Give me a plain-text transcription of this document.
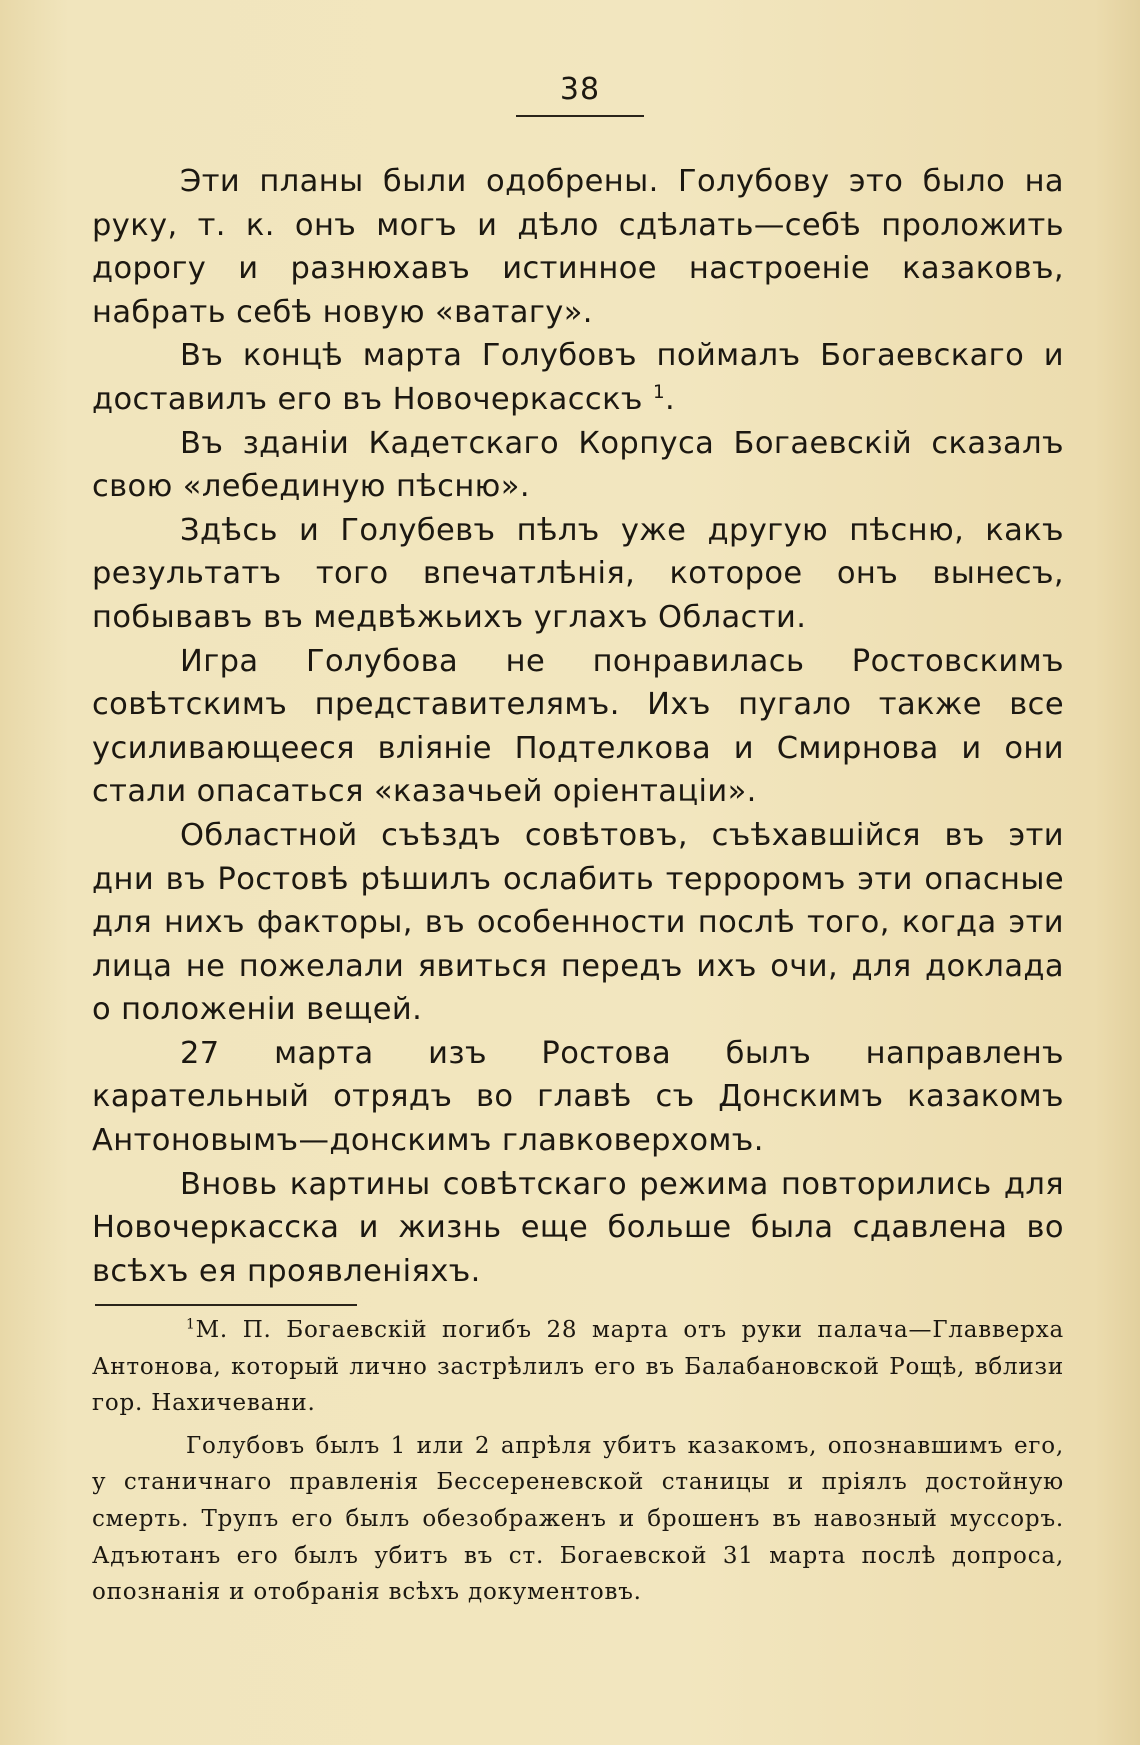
38

Эти планы были одобрены. Голубову это было на руку, т. к. онъ могъ и дѣло сдѣлать—себѣ проложить дорогу и разнюхавъ истинное настроеніе казаковъ, набрать себѣ новую «ватагу».

Въ концѣ марта Голубовъ поймалъ Богаевскаго и доставилъ его въ Новочеркасскъ $^1$.

Въ зданіи Кадетскаго Корпуса Богаевскій сказалъ свою «лебединую пѣсню».

Здѣсь и Голубевъ пѣлъ уже другую пѣсню, какъ результатъ того впечатлѣнія, которое онъ вынесъ, побывавъ въ медвѣжьихъ углахъ Области.

Игра Голубова не понравилась Ростовскимъ совѣтскимъ представителямъ. Ихъ пугало также все усиливающееся вліяніе Подтелкова и Смирнова и они стали опасаться «казачьей оріентаціи».

Областной съѣздъ совѣтовъ, съѣхавшійся въ эти дни въ Ростовѣ рѣшилъ ослабить терроромъ эти опасные для нихъ факторы, въ особенности послѣ того, когда эти лица не пожелали явиться передъ ихъ очи, для доклада о положеніи вещей.

27 марта изъ Ростова былъ направленъ карательный отрядъ во главѣ съ Донскимъ казакомъ Антоновымъ—донскимъ главковерхомъ.

Вновь картины совѣтскаго режима повторились для Новочеркасска и жизнь еще больше была сдавлена во всѣхъ ея проявленіяхъ.

$^1$М. П. Богаевскій погибъ 28 марта отъ руки палача—Главверха Антонова, который лично застрѣлилъ его въ Балабановской Рощѣ, вблизи гор. Нахичевани.

Голубовъ былъ 1 или 2 апрѣля убитъ казакомъ, опознавшимъ его, у станичнаго правленія Бессереневской станицы и пріялъ достойную смерть. Трупъ его былъ обезображенъ и брошенъ въ навозный муссоръ. Адъютанъ его былъ убитъ въ ст. Богаевской 31 марта послѣ допроса, опознанія и отобранія всѣхъ документовъ.
